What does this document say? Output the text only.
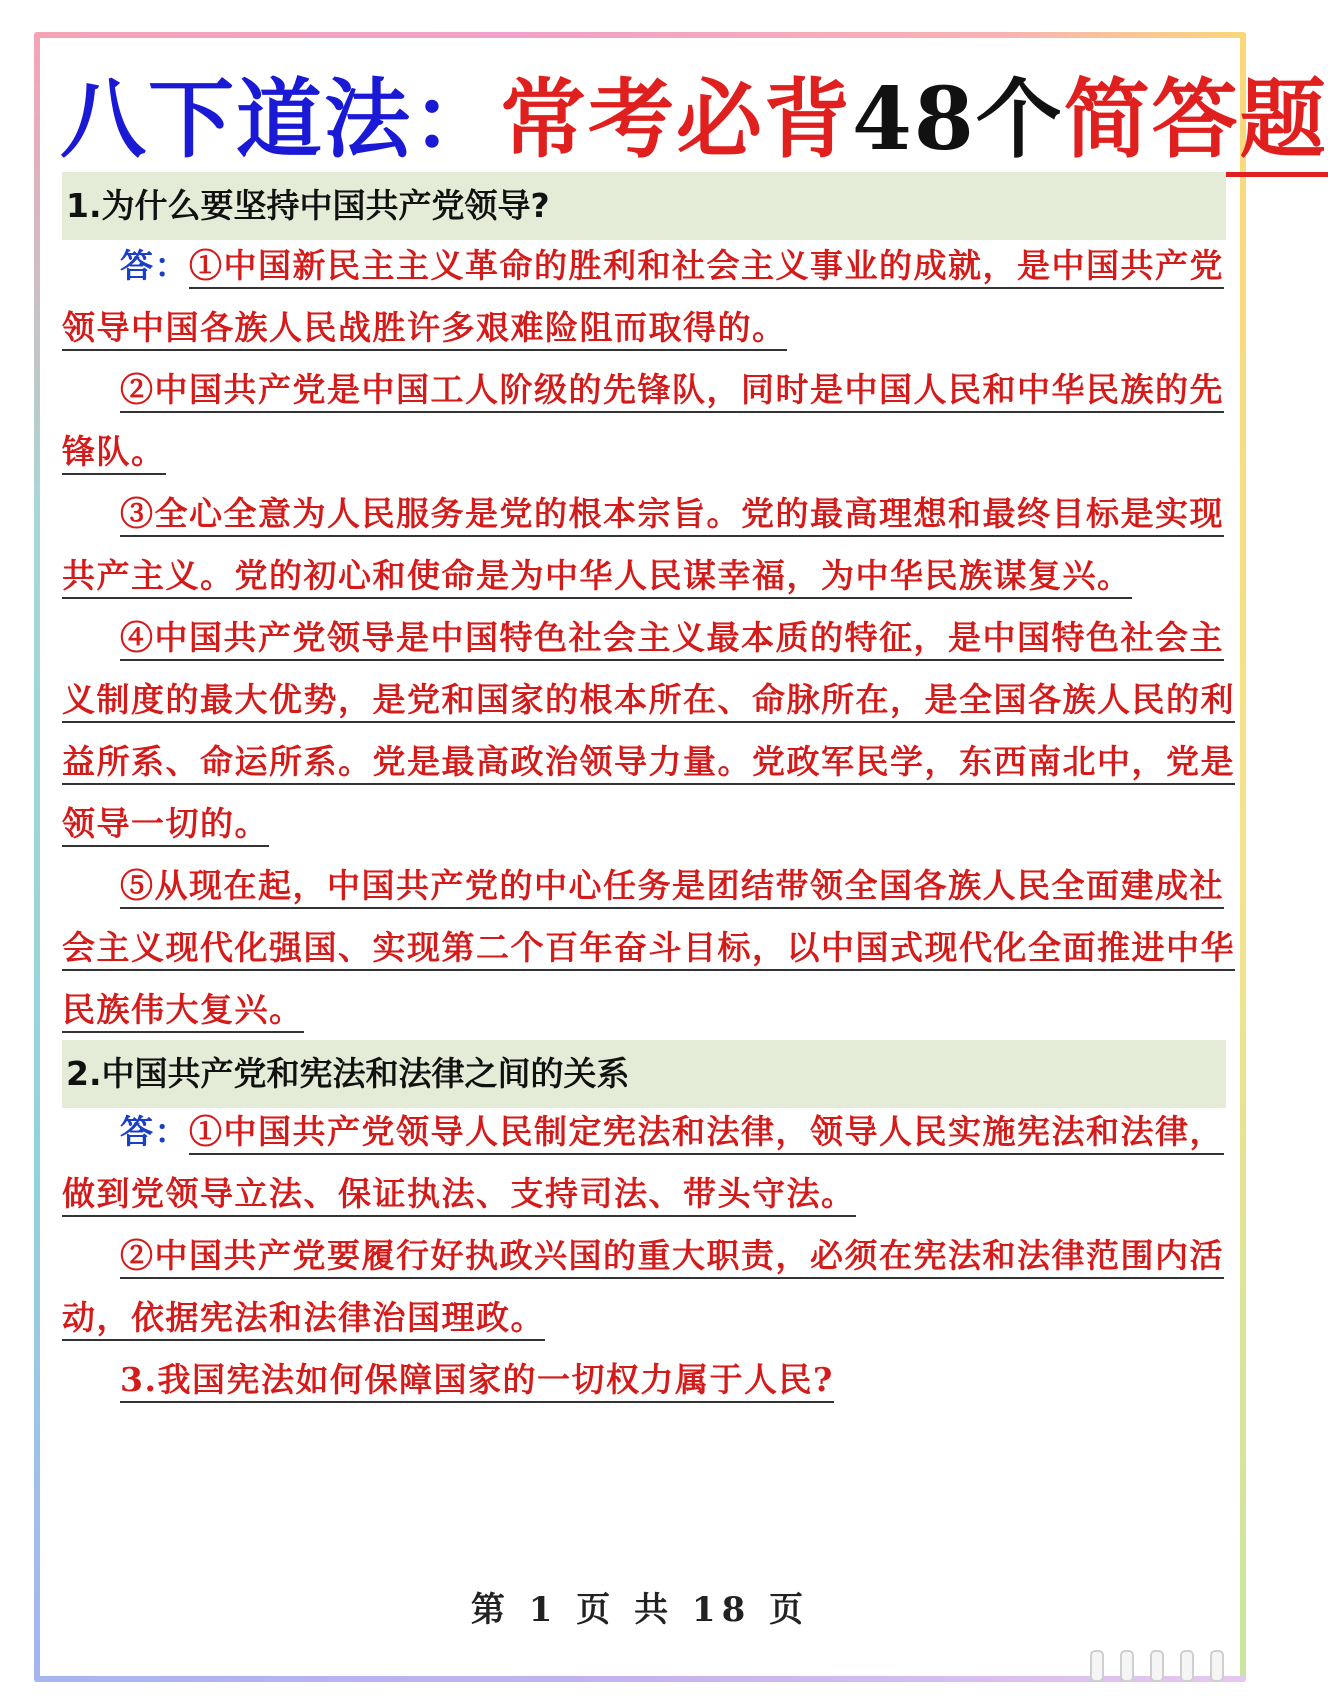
八下道法：常考必背48个简答题
1.为什么要坚持中国共产党领导?
答：①中国新民主主义革命的胜利和社会主义事业的成就，是中国共产党
领导中国各族人民战胜许多艰难险阻而取得的。
②中国共产党是中国工人阶级的先锋队，同时是中国人民和中华民族的先
锋队。
③全心全意为人民服务是党的根本宗旨。党的最高理想和最终目标是实现
共产主义。党的初心和使命是为中华人民谋幸福，为中华民族谋复兴。
④中国共产党领导是中国特色社会主义最本质的特征，是中国特色社会主
义制度的最大优势，是党和国家的根本所在、命脉所在，是全国各族人民的利
益所系、命运所系。党是最高政治领导力量。党政军民学，东西南北中，党是
领导一切的。
⑤从现在起，中国共产党的中心任务是团结带领全国各族人民全面建成社
会主义现代化强国、实现第二个百年奋斗目标，以中国式现代化全面推进中华
民族伟大复兴。
2.中国共产党和宪法和法律之间的关系
答：①中国共产党领导人民制定宪法和法律，领导人民实施宪法和法律，
做到党领导立法、保证执法、支持司法、带头守法。
②中国共产党要履行好执政兴国的重大职责，必须在宪法和法律范围内活
动，依据宪法和法律治国理政。
3.我国宪法如何保障国家的一切权力属于人民?
第 1 页 共 18 页
